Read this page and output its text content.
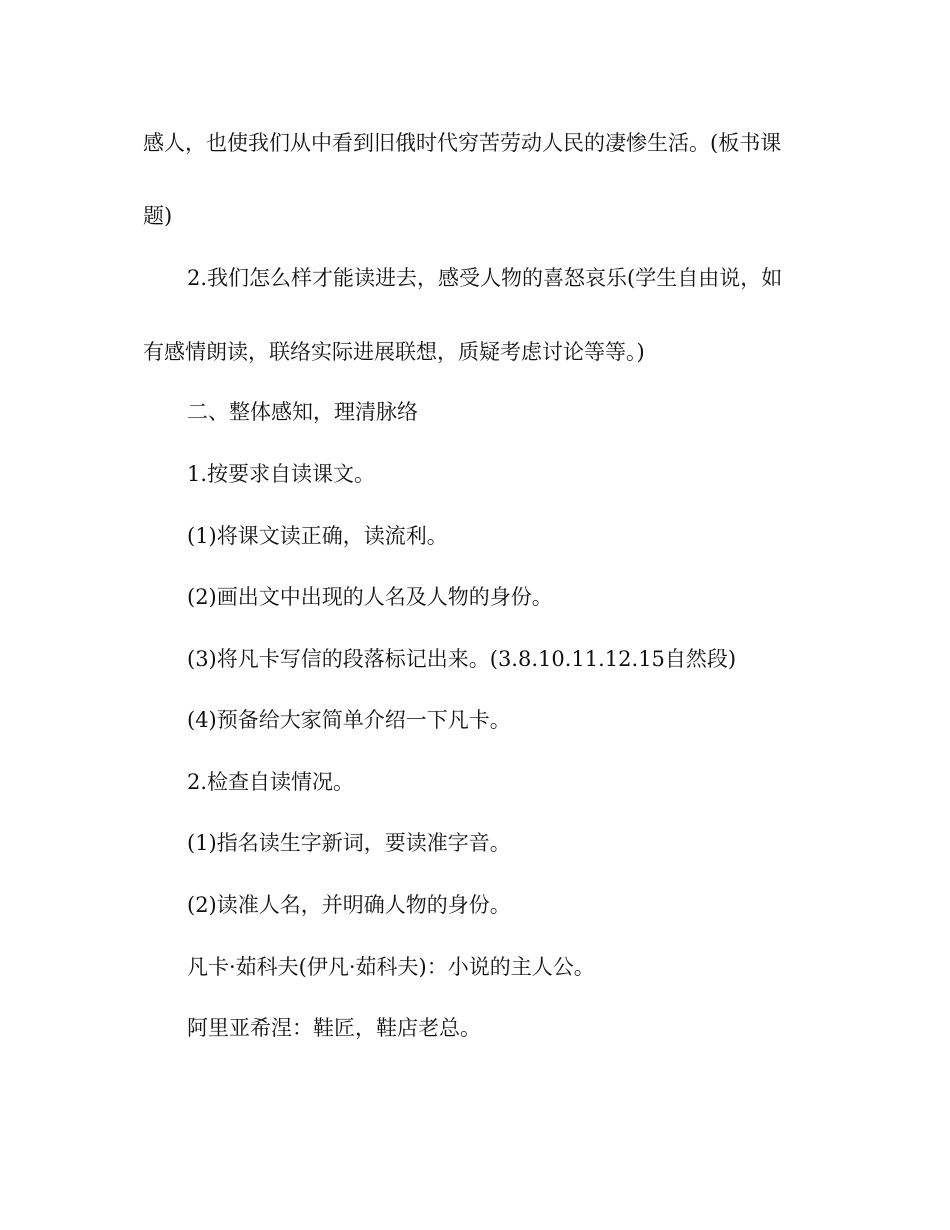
感人，也使我们从中看到旧俄时代穷苦劳动人民的凄惨生活。(板书课
题)
2.我们怎么样才能读进去，感受人物的喜怒哀乐(学生自由说，如
有感情朗读，联络实际进展联想，质疑考虑讨论等等。)
二、整体感知，理清脉络
1.按要求自读课文。
(1)将课文读正确，读流利。
(2)画出文中出现的人名及人物的身份。
(3)将凡卡写信的段落标记出来。(3.8.10.11.12.15自然段)
(4)预备给大家简单介绍一下凡卡。
2.检查自读情况。
(1)指名读生字新词，要读准字音。
(2)读准人名，并明确人物的身份。
凡卡·茹科夫(伊凡·茹科夫)：小说的主人公。
阿里亚希涅：鞋匠，鞋店老总。
